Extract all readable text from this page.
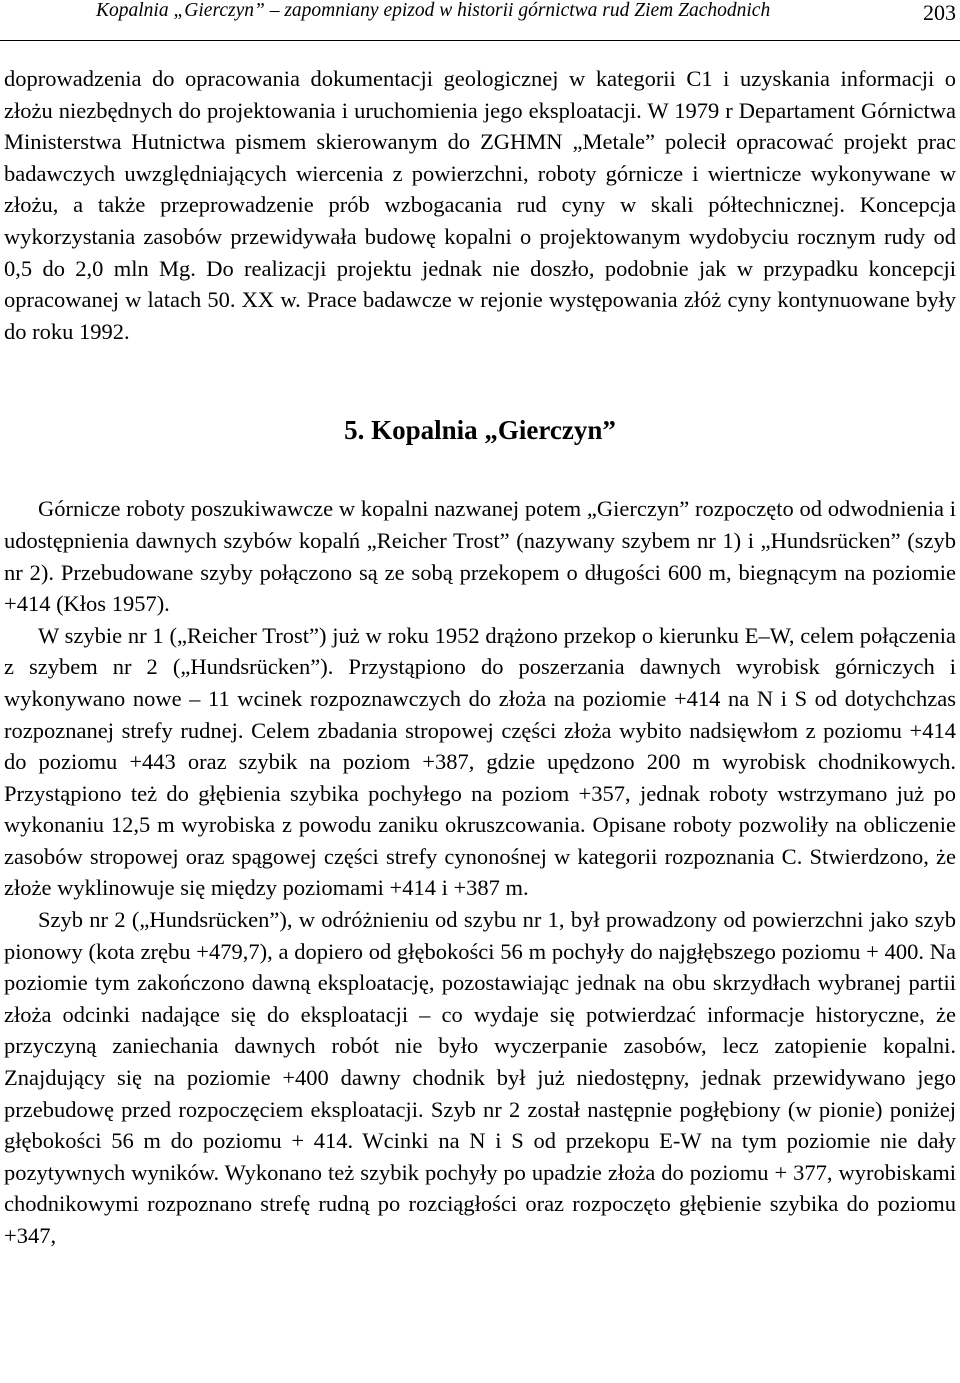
Kopalnia „Gierczyn” – zapomniany epizod w historii górnictwa rud Ziem Zachodnich	203

doprowadzenia do opracowania dokumentacji geologicznej w kategorii C1 i uzyskania informacji o złożu niezbędnych do projektowania i uruchomienia jego eksploatacji. W 1979 r Departament Górnictwa Ministerstwa Hutnictwa pismem skierowanym do ZGHMN „Metale” polecił opracować projekt prac badawczych uwzględniających wiercenia z powierzchni, roboty górnicze i wiertnicze wykonywane w złożu, a także przeprowadzenie prób wzbogacania rud cyny w skali półtechnicznej. Koncepcja wykorzystania zasobów przewidywała budowę kopalni o projektowanym wydobyciu rocznym rudy od 0,5 do 2,0 mln Mg. Do realizacji projektu jednak nie doszło, podobnie jak w przypadku koncepcji opracowanej w latach 50. XX w. Prace badawcze w rejonie występowania złóż cyny kontynuowane były do roku 1992.

5. Kopalnia „Gierczyn”

Górnicze roboty poszukiwawcze w kopalni nazwanej potem „Gierczyn” rozpoczęto od odwodnienia i udostępnienia dawnych szybów kopalń „Reicher Trost” (nazywany szybem nr 1) i „Hundsrücken” (szyb nr 2). Przebudowane szyby połączono są ze sobą przekopem o długości 600 m, biegnącym na poziomie +414 (Kłos 1957).

W szybie nr 1 („Reicher Trost”) już w roku 1952 drążono przekop o kierunku E–W, celem połączenia z szybem nr 2 („Hundsrücken”). Przystąpiono do poszerzania dawnych wyrobisk górniczych i wykonywano nowe – 11 wcinek rozpoznawczych do złoża na poziomie +414 na N i S od dotychchzas rozpoznanej strefy rudnej. Celem zbadania stropowej części złoża wybito nadsięwłom z poziomu +414 do poziomu +443 oraz szybik na poziom +387, gdzie upędzono 200 m wyrobisk chodnikowych. Przystąpiono też do głębienia szybika pochyłego na poziom +357, jednak roboty wstrzymano już po wykonaniu 12,5 m wyrobiska z powodu zaniku okruszcowania. Opisane roboty pozwoliły na obliczenie zasobów stropowej oraz spągowej części strefy cynonośnej w kategorii rozpoznania C. Stwierdzono, że złoże wyklinowuje się między poziomami +414 i +387 m.

Szyb nr 2 („Hundsrücken”), w odróżnieniu od szybu nr 1, był prowadzony od powierzchni jako szyb pionowy (kota zrębu +479,7), a dopiero od głębokości 56 m pochyły do najgłębszego poziomu + 400. Na poziomie tym zakończono dawną eksploatację, pozostawiając jednak na obu skrzydłach wybranej partii złoża odcinki nadające się do eksploatacji – co wydaje się potwierdzać informacje historyczne, że przyczyną zaniechania dawnych robót nie było wyczerpanie zasobów, lecz zatopienie kopalni. Znajdujący się na poziomie +400 dawny chodnik był już niedostępny, jednak przewidywano jego przebudowę przed rozpoczęciem eksploatacji. Szyb nr 2 został następnie pogłębiony (w pionie) poniżej głębokości 56 m do poziomu + 414. Wcinki na N i S od przekopu E-W na tym poziomie nie dały pozytywnych wyników. Wykonano też szybik pochyły po upadzie złoża do poziomu + 377, wyrobiskami chodnikowymi rozpoznano strefę rudną po rozciągłości oraz rozpoczęto głębienie szybika do poziomu +347,
